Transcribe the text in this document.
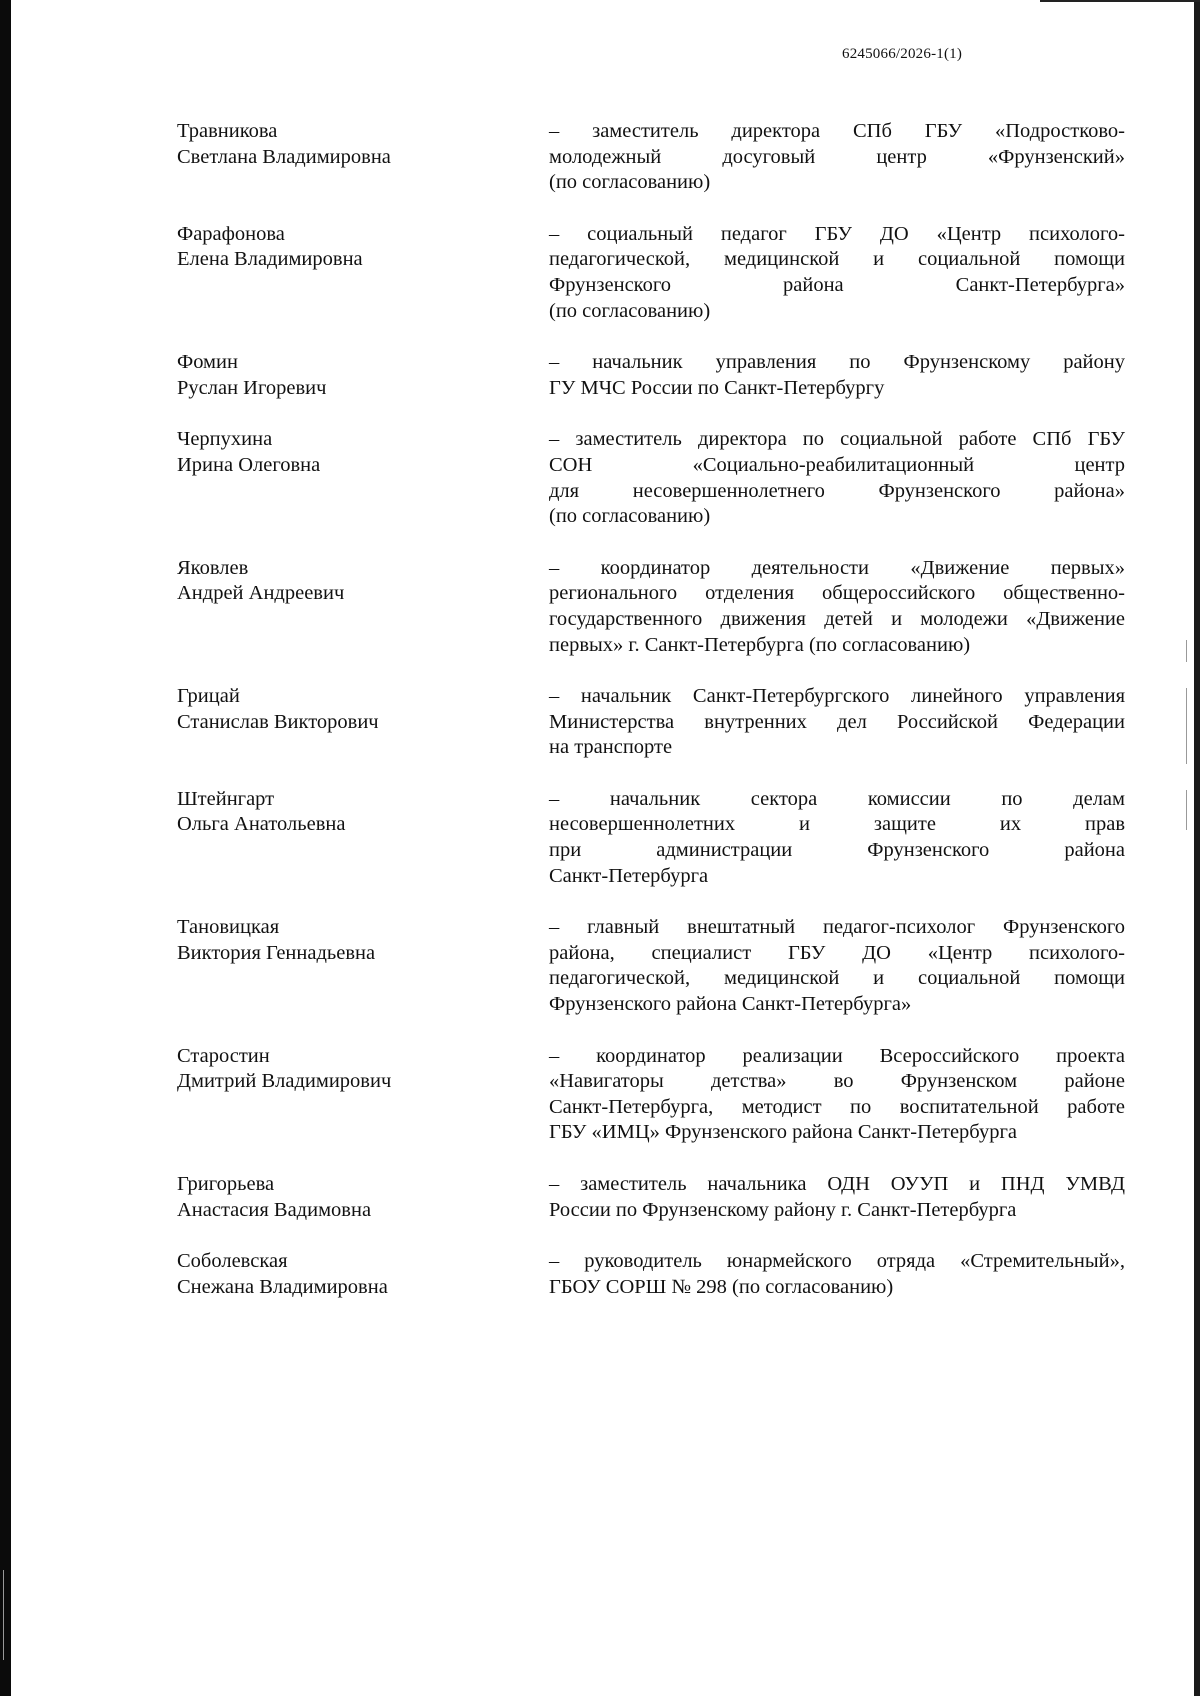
6245066/2026-1(1)
Травникова
Светлана Владимировна
– заместитель директора СПб ГБУ «Подростково-
молодежный досуговый центр «Фрунзенский»
(по согласованию)
Фарафонова
Елена Владимировна
– социальный педагог ГБУ ДО «Центр психолого-
педагогической, медицинской и социальной помощи
Фрунзенского района Санкт-Петербурга»
(по согласованию)
Фомин
Руслан Игоревич
– начальник управления по Фрунзенскому району
ГУ МЧС России по Санкт-Петербургу
Черпухина
Ирина Олеговна
– заместитель директора по социальной работе СПб ГБУ
СОН «Социально-реабилитационный центр
для несовершеннолетнего Фрунзенского района»
(по согласованию)
Яковлев
Андрей Андреевич
– координатор деятельности «Движение первых»
регионального отделения общероссийского общественно-
государственного движения детей и молодежи «Движение
первых» г. Санкт-Петербурга (по согласованию)
Грицай
Станислав Викторович
– начальник Санкт-Петербургского линейного управления
Министерства внутренних дел Российской Федерации
на транспорте
Штейнгарт
Ольга Анатольевна
– начальник сектора комиссии по делам
несовершеннолетних и защите их прав
при администрации Фрунзенского района
Санкт-Петербурга
Тановицкая
Виктория Геннадьевна
– главный внештатный педагог-психолог Фрунзенского
района, специалист ГБУ ДО «Центр психолого-
педагогической, медицинской и социальной помощи
Фрунзенского района Санкт-Петербурга»
Старостин
Дмитрий Владимирович
– координатор реализации Всероссийского проекта
«Навигаторы детства» во Фрунзенском районе
Санкт-Петербурга, методист по воспитательной работе
ГБУ «ИМЦ» Фрунзенского района Санкт-Петербурга
Григорьева
Анастасия Вадимовна
– заместитель начальника ОДН ОУУП и ПНД УМВД
России по Фрунзенскому району г. Санкт-Петербурга
Соболевская
Снежана Владимировна
– руководитель юнармейского отряда «Стремительный»,
ГБОУ СОРШ № 298 (по согласованию)
